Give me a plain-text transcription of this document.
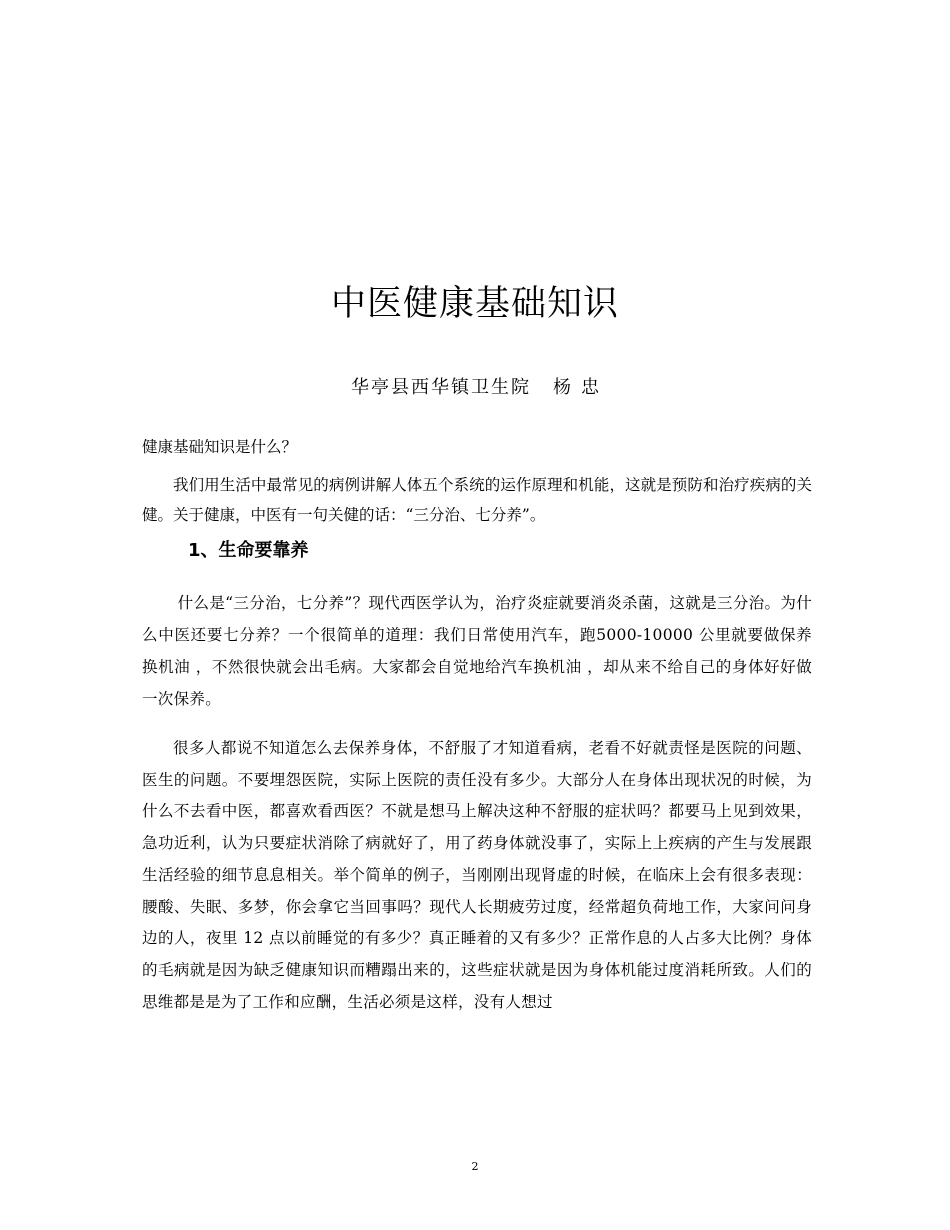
中医健康基础知识

华亭县西华镇卫生院 杨忠

健康基础知识是什么？

我们用生活中最常见的病例讲解人体五个系统的运作原理和机能，这就是预防和治疗疾病的关健。关于健康，中医有一句关健的话：“三分治、七分养”。

1、生命要靠养

什么是“三分治，七分养”？现代西医学认为，治疗炎症就要消炎杀菌，这就是三分治。为什么中医还要七分养？一个很简单的道理：我们日常使用汽车，跑5000-10000 公里就要做保养换机油 ，不然很快就会出毛病。大家都会自觉地给汽车换机油 ，却从来不给自己的身体好好做一次保养。

很多人都说不知道怎么去保养身体，不舒服了才知道看病，老看不好就责怪是医院的问题、医生的问题。不要埋怨医院，实际上医院的责任没有多少。大部分人在身体出现状况的时候，为什么不去看中医，都喜欢看西医？不就是想马上解决这种不舒服的症状吗？都要马上见到效果，急功近利，认为只要症状消除了病就好了，用了药身体就没事了，实际上上疾病的产生与发展跟生活经验的细节息息相关。举个简单的例子，当刚刚出现肾虚的时候，在临床上会有很多表现：腰酸、失眠、多梦，你会拿它当回事吗？现代人长期疲劳过度，经常超负荷地工作，大家问问身边的人，夜里 12 点以前睡觉的有多少？真正睡着的又有多少？正常作息的人占多大比例？身体的毛病就是因为缺乏健康知识而糟蹋出来的，这些症状就是因为身体机能过度消耗所致。人们的思维都是是为了工作和应酬，生活必须是这样，没有人想过

2
